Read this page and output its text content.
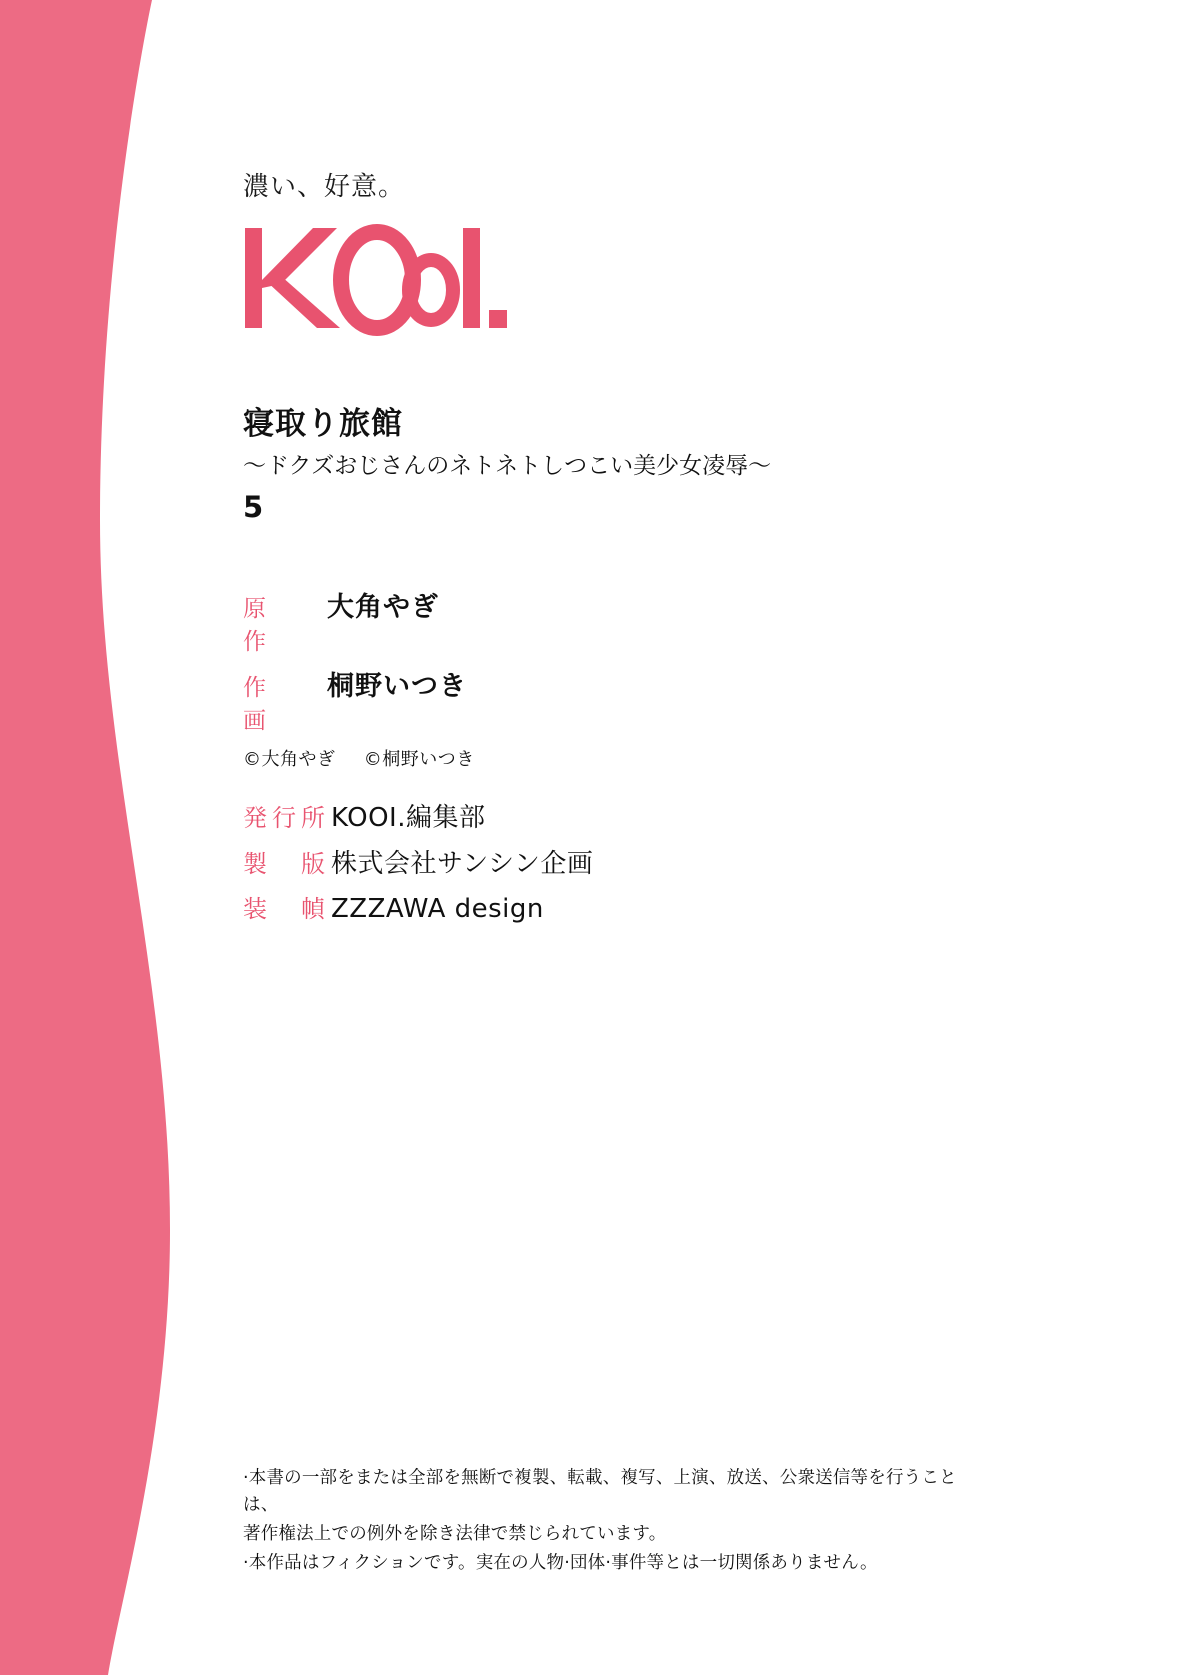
濃い、好意。
寝取り旅館
〜ドクズおじさんのネトネトしつこい美少女凌辱〜
5
原　作
大角やぎ
作　画
桐野いつき
©大角やぎ ©桐野いつき
発行所 KOOI.編集部
製　版 株式会社サンシン企画
装　幀 ZZZAWA design

·本書の一部をまたは全部を無断で複製、転載、複写、上演、放送、公衆送信等を行うことは、

著作権法上での例外を除き法律で禁じられています。

·本作品はフィクションです。実在の人物·団体·事件等とは一切関係ありません。
